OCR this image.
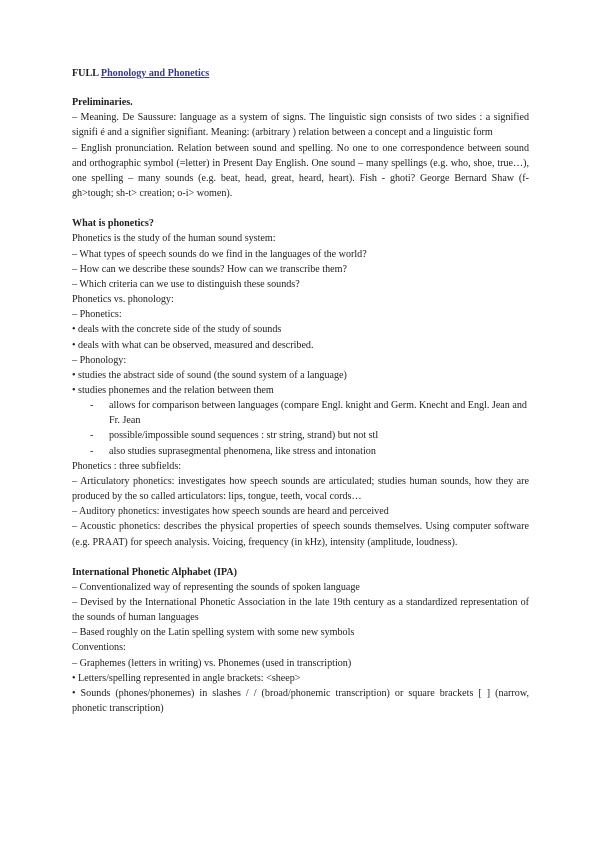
FULL Phonology and Phonetics

Preliminaries.

– Meaning. De Saussure: language as a system of signs. The linguistic sign consists of two sides : a signified signifi é and a signifier signifiant. Meaning: (arbitrary ) relation between a concept and a linguistic form

– English pronunciation. Relation between sound and spelling. No one to one correspondence between sound and orthographic symbol (=letter) in Present Day English. One sound – many spellings (e.g. who, shoe, true…), one spelling – many sounds (e.g. beat, head, great, heard, heart). Fish - ghoti? George Bernard Shaw (f-gh>tough; sh-t> creation; o-i> women).

What is phonetics?

Phonetics is the study of the human sound system:

– What types of speech sounds do we find in the languages of the world?

– How can we describe these sounds? How can we transcribe them?

– Which criteria can we use to distinguish these sounds?

Phonetics vs. phonology:

– Phonetics:

• deals with the concrete side of the study of sounds

• deals with what can be observed, measured and described.

– Phonology:

• studies the abstract side of sound (the sound system of a language)

• studies phonemes and the relation between them

- allows for comparison between languages (compare Engl. knight and Germ. Knecht and Engl. Jean and Fr. Jean
- possible/impossible sound sequences : str string, strand) but not stl
- also studies suprasegmental phenomena, like stress and intonation

Phonetics : three subfields:

– Articulatory phonetics: investigates how speech sounds are articulated; studies human sounds, how they are produced by the so called articulators: lips, tongue, teeth, vocal cords…

– Auditory phonetics: investigates how speech sounds are heard and perceived

– Acoustic phonetics: describes the physical properties of speech sounds themselves. Using computer software (e.g. PRAAT) for speech analysis. Voicing, frequency (in kHz), intensity (amplitude, loudness).

International Phonetic Alphabet (IPA)

– Conventionalized way of representing the sounds of spoken language

– Devised by the International Phonetic Association in the late 19th century as a standardized representation of the sounds of human languages

– Based roughly on the Latin spelling system with some new symbols

Conventions:

– Graphemes (letters in writing) vs. Phonemes (used in transcription)

• Letters/spelling represented in angle brackets: <sheep>

• Sounds (phones/phonemes) in slashes / / (broad/phonemic transcription) or square brackets [ ] (narrow, phonetic transcription)
